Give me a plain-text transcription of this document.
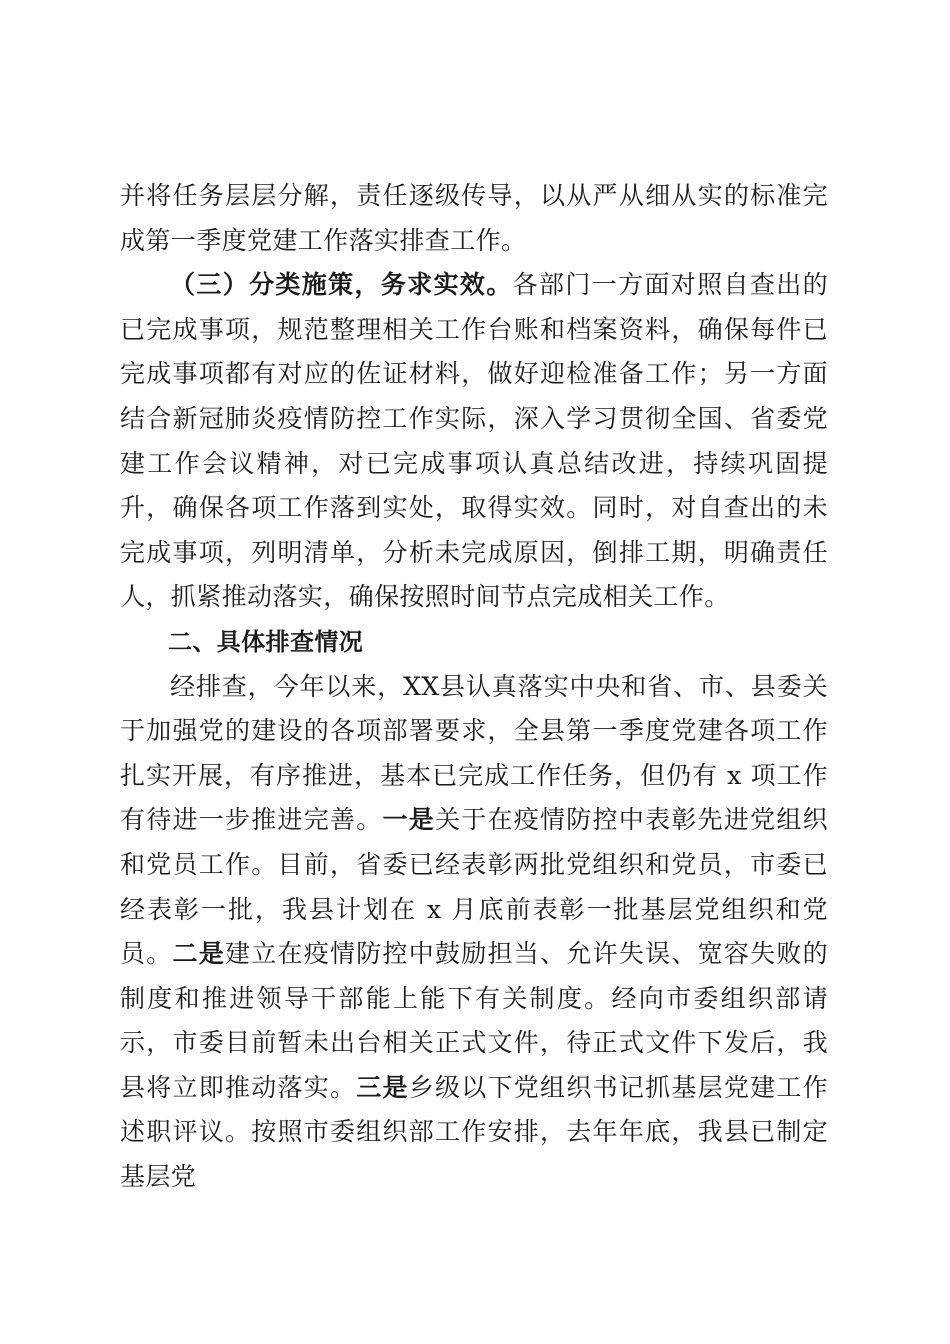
并将任务层层分解，责任逐级传导，以从严从细从实的标准完成第一季度党建工作落实排查工作。

（三）分类施策，务求实效。各部门一方面对照自查出的已完成事项，规范整理相关工作台账和档案资料，确保每件已完成事项都有对应的佐证材料，做好迎检准备工作；另一方面结合新冠肺炎疫情防控工作实际，深入学习贯彻全国、省委党建工作会议精神，对已完成事项认真总结改进，持续巩固提升，确保各项工作落到实处，取得实效。同时，对自查出的未完成事项，列明清单，分析未完成原因，倒排工期，明确责任人，抓紧推动落实，确保按照时间节点完成相关工作。

二、具体排查情况

经排查，今年以来，XX县认真落实中央和省、市、县委关于加强党的建设的各项部署要求，全县第一季度党建各项工作扎实开展，有序推进，基本已完成工作任务，但仍有 x 项工作有待进一步推进完善。一是关于在疫情防控中表彰先进党组织和党员工作。目前，省委已经表彰两批党组织和党员，市委已经表彰一批，我县计划在 x 月底前表彰一批基层党组织和党员。二是建立在疫情防控中鼓励担当、允许失误、宽容失败的制度和推进领导干部能上能下有关制度。经向市委组织部请示，市委目前暂未出台相关正式文件，待正式文件下发后，我县将立即推动落实。三是乡级以下党组织书记抓基层党建工作述职评议。按照市委组织部工作安排，去年年底，我县已制定基层党
